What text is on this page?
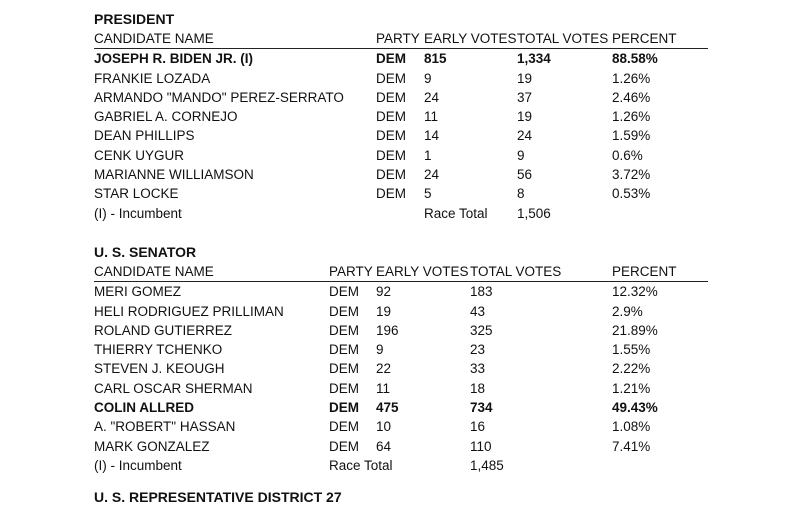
PRESIDENT
CANDIDATE NAME	PARTY EARLY VOTES TOTAL VOTES PERCENT
JOSEPH R. BIDEN JR. (I)	DEM 815	1,334	88.58%
FRANKIE LOZADA	DEM 9	19	1.26%
ARMANDO "MANDO" PEREZ-SERRATO DEM 24	37	2.46%
GABRIEL A. CORNEJO	DEM 11	19	1.26%
DEAN PHILLIPS	DEM 14	24	1.59%
CENK UYGUR	DEM 1	9	0.6%
MARIANNE WILLIAMSON	DEM 24	56	3.72%
STAR LOCKE	DEM 5	8	0.53%
(I) - Incumbent	Race Total 1,506
U. S. SENATOR
CANDIDATE NAME	PARTY EARLY VOTES TOTAL VOTES	PERCENT
MERI GOMEZ	DEM 92	183	12.32%
HELI RODRIGUEZ PRILLIMAN	DEM 19	43	2.9%
ROLAND GUTIERREZ	DEM 196	325	21.89%
THIERRY TCHENKO	DEM 9	23	1.55%
STEVEN J. KEOUGH	DEM 22	33	2.22%
CARL OSCAR SHERMAN	DEM 11	18	1.21%
COLIN ALLRED	DEM 475	734	49.43%
A. "ROBERT" HASSAN	DEM 10	16	1.08%
MARK GONZALEZ	DEM 64	110	7.41%
(I) - Incumbent	Race Total	1,485
U. S. REPRESENTATIVE DISTRICT 27
